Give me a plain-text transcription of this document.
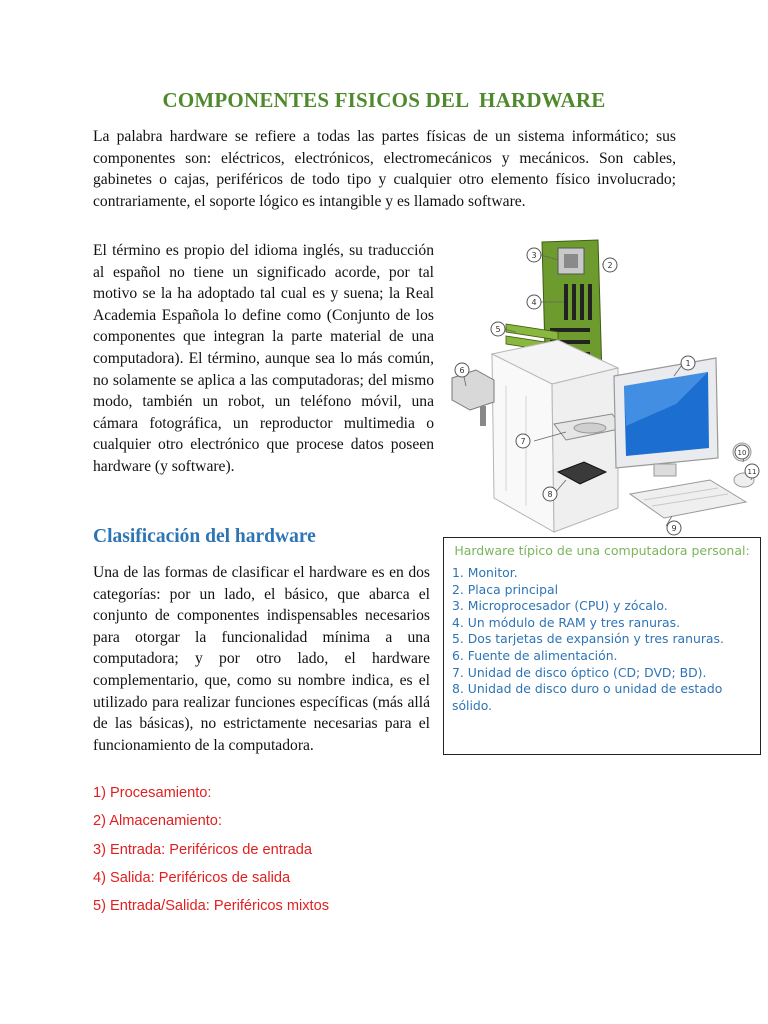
COMPONENTES FISICOS DEL  HARDWARE

La palabra hardware se refiere a todas las partes físicas de un sistema informático; sus componentes son: eléctricos, electrónicos, electromecánicos y mecánicos. Son cables, gabinetes o cajas, periféricos de todo tipo y cualquier otro elemento físico involucrado; contrariamente, el soporte lógico es intangible y es llamado software.

El término es propio del idioma inglés, su traducción al español no tiene un significado acorde, por tal motivo se la ha adoptado tal cual es y suena; la Real Academia Española lo define como (Conjunto de los componentes que integran la parte material de una computadora). El término, aunque sea lo más común, no solamente se aplica a las computadoras; del mismo modo, también un robot, un teléfono móvil, una cámara fotográfica, un reproductor multimedia o cualquier otro electrónico que procese datos poseen hardware (y software).

3
2
4
5
1
6
7
8
9
10
11
Clasificación del hardware

Una de las formas de clasificar el hardware es en dos categorías: por un lado, el básico, que abarca el conjunto de componentes indispensables necesarios para otorgar la funcionalidad mínima a una computadora; y por otro lado, el hardware complementario, que, como su nombre indica, es el utilizado para realizar funciones específicas (más allá de las básicas), no estrictamente necesarias para el funcionamiento de la computadora.

Hardware típico de una computadora personal:

1. Monitor.
2. Placa principal
3. Microprocesador (CPU) y zócalo.
4. Un módulo de RAM y tres ranuras.
5. Dos tarjetas de expansión y tres ranuras.
6. Fuente de alimentación.
7. Unidad de disco óptico (CD; DVD; BD).
8. Unidad de disco duro o unidad de estado sólido.
1) Procesamiento:
2) Almacenamiento:
3) Entrada: Periféricos de entrada
4) Salida: Periféricos de salida
5) Entrada/Salida: Periféricos mixtos
